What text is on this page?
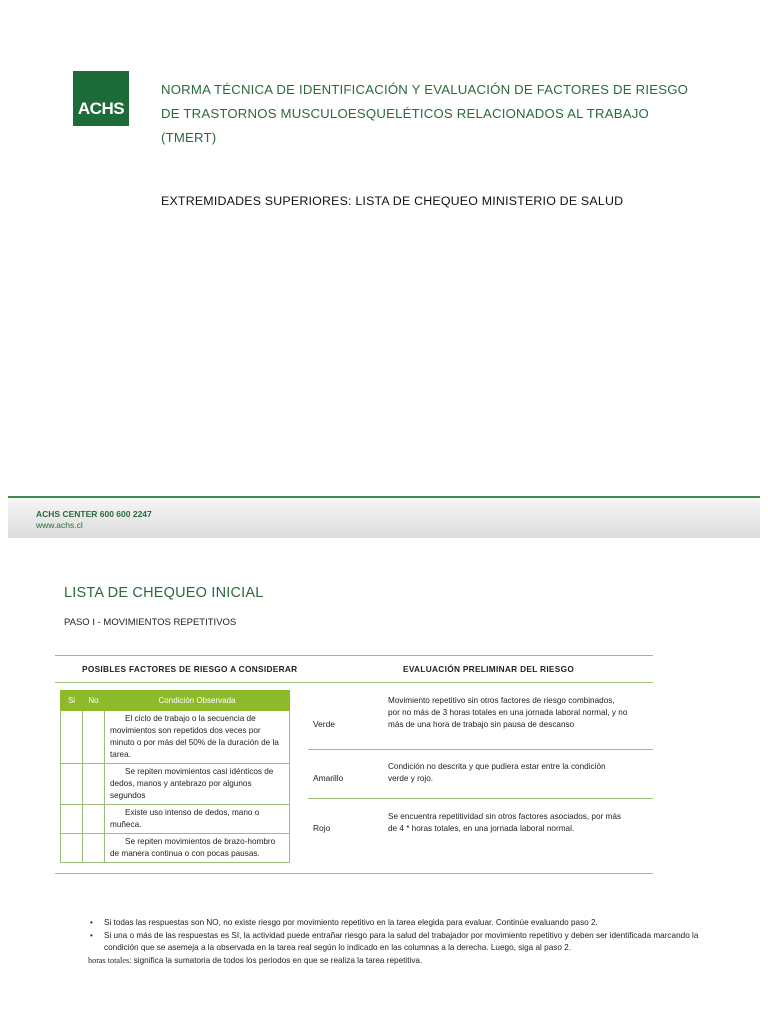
ACHS
NORMA TÉCNICA DE IDENTIFICACIÓN Y EVALUACIÓN DE FACTORES DE RIESGO
DE TRASTORNOS MUSCULOESQUELÉTICOS RELACIONADOS AL TRABAJO
(TMERT)
EXTREMIDADES SUPERIORES: LISTA DE CHEQUEO MINISTERIO DE SALUD
ACHS CENTER 600 600 2247
www.achs.cl
LISTA DE CHEQUEO INICIAL
PASO I - MOVIMIENTOS REPETITIVOS
POSIBLES FACTORES DE RIESGO A CONSIDERAR	EVALUACIÓN PRELIMINAR DEL RIESGO
Si	No	Condición Observada
		El ciclo de trabajo o la secuencia de movimientos son repetidos dos veces por minuto o por más del 50% de la duración de la tarea.
		Se repiten movimientos casi idénticos de dedos, manos y antebrazo por algunos segundos
		Existe uso intenso de dedos, mano o muñeca.
		Se repiten movimientos de brazo-hombro de manera continua o con pocas pausas.
Verde
Movimiento repetitivo sin otros factores de riesgo combinados, por no más de 3 horas totales en una jornada laboral normal, y no más de una hora de trabajo sin pausa de descanso
Amarillo
Condición no descrita y que pudiera estar entre la condición verde y rojo.
Rojo
Se encuentra repetitividad sin otros factores asociados, por más de 4 * horas totales, en una jornada laboral normal.
• Si todas las respuestas son NO, no existe riesgo por movimiento repetitivo en la tarea elegida para evaluar. Continúe evaluando paso 2.
• Si una o más de las respuestas es SI, la actividad puede entrañar riesgo para la salud del trabajador por movimiento repetitivo y deben ser identificada marcando la condición que se asemeja a la observada en la tarea real según lo indicado en las columnas a la derecha. Luego, siga al paso 2.
horas totales: significa la sumatoria de todos los periodos en que se realiza la tarea repetitiva.
